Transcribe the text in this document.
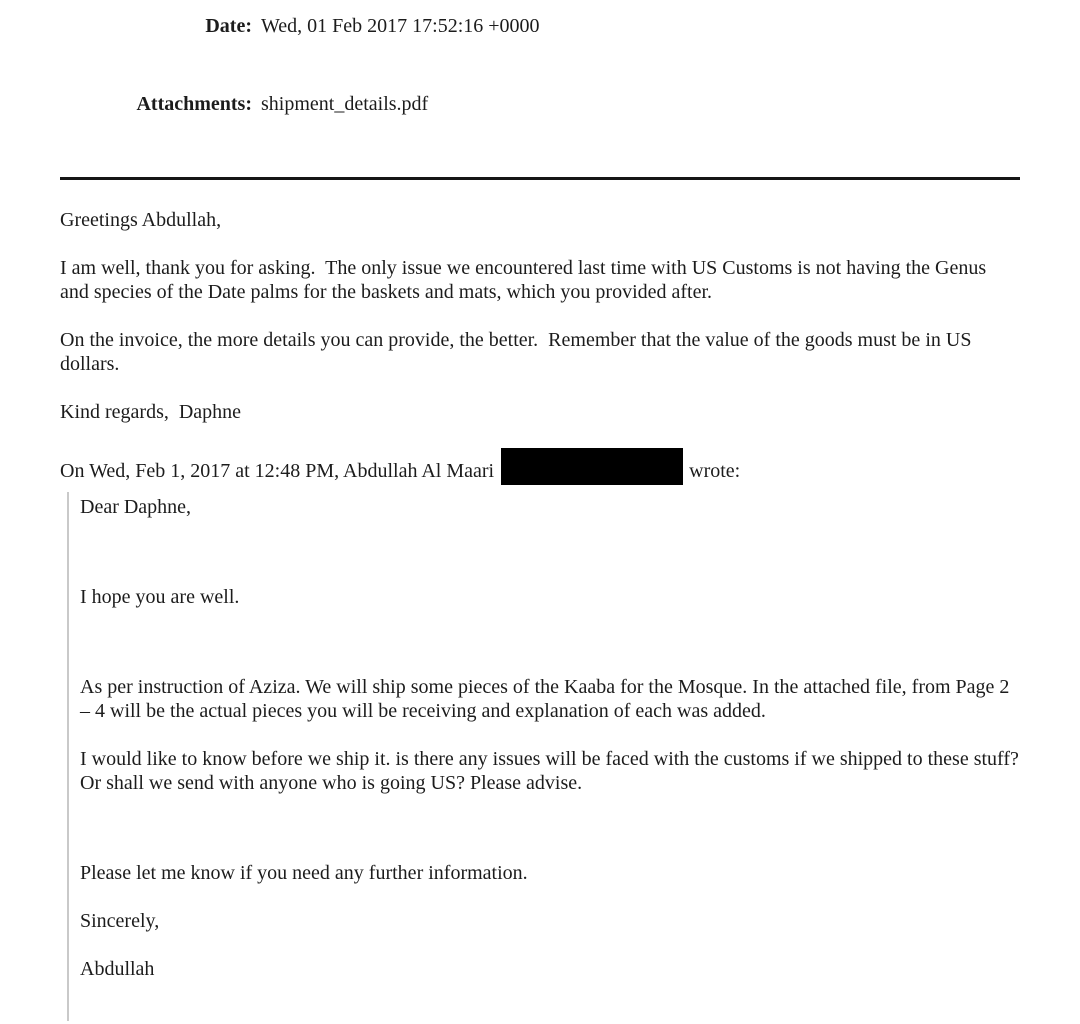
Date: Wed, 01 Feb 2017 17:52:16 +0000

Attachments: shipment_details.pdf

Greetings Abdullah,

I am well, thank you for asking.  The only issue we encountered last time with US Customs is not having the Genus and species of the Date palms for the baskets and mats, which you provided after.

On the invoice, the more details you can provide, the better.  Remember that the value of the goods must be in US dollars.

Kind regards,  Daphne

On Wed, Feb 1, 2017 at 12:48 PM, Abdullah Al Maari	wrote:

Dear Daphne,

I hope you are well.

As per instruction of Aziza. We will ship some pieces of the Kaaba for the Mosque. In the attached file, from Page 2 – 4 will be the actual pieces you will be receiving and explanation of each was added.

I would like to know before we ship it. is there any issues will be faced with the customs if we shipped to these stuff?  Or shall we send with anyone who is going US? Please advise.

Please let me know if you need any further information.

Sincerely,

Abdullah
